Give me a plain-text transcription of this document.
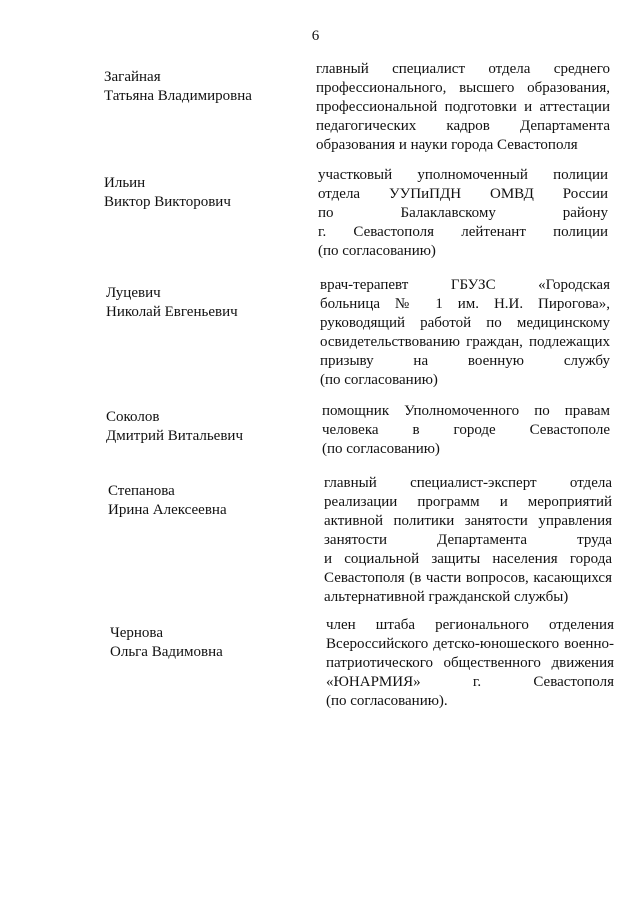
6
Загайная
Татьяна Владимировна
главный специалист отдела среднего
профессионального, высшего образования,
профессиональной подготовки и аттестации
педагогических кадров Департамента
образования и науки города Севастополя
Ильин
Виктор Викторович
участковый уполномоченный полиции
отдела УУПиПДН ОМВД России
по Балаклавскому району
г. Севастополя лейтенант полиции
(по согласованию)
Луцевич
Николай Евгеньевич
врач-терапевт ГБУЗС «Городская
больница № 1 им. Н.И. Пирогова»,
руководящий работой по медицинскому
освидетельствованию граждан, подлежащих
призыву на военную службу
(по согласованию)
Соколов
Дмитрий Витальевич
помощник Уполномоченного по правам
человека в городе Севастополе
(по согласованию)
Степанова
Ирина Алексеевна
главный специалист-эксперт отдела
реализации программ и мероприятий
активной политики занятости управления
занятости Департамента труда
и социальной защиты населения города
Севастополя (в части вопросов, касающихся
альтернативной гражданской службы)
Чернова
Ольга Вадимовна
член штаба регионального отделения
Всероссийского детско-юношеского военно-
патриотического общественного движения
«ЮНАРМИЯ» г. Севастополя
(по согласованию).
